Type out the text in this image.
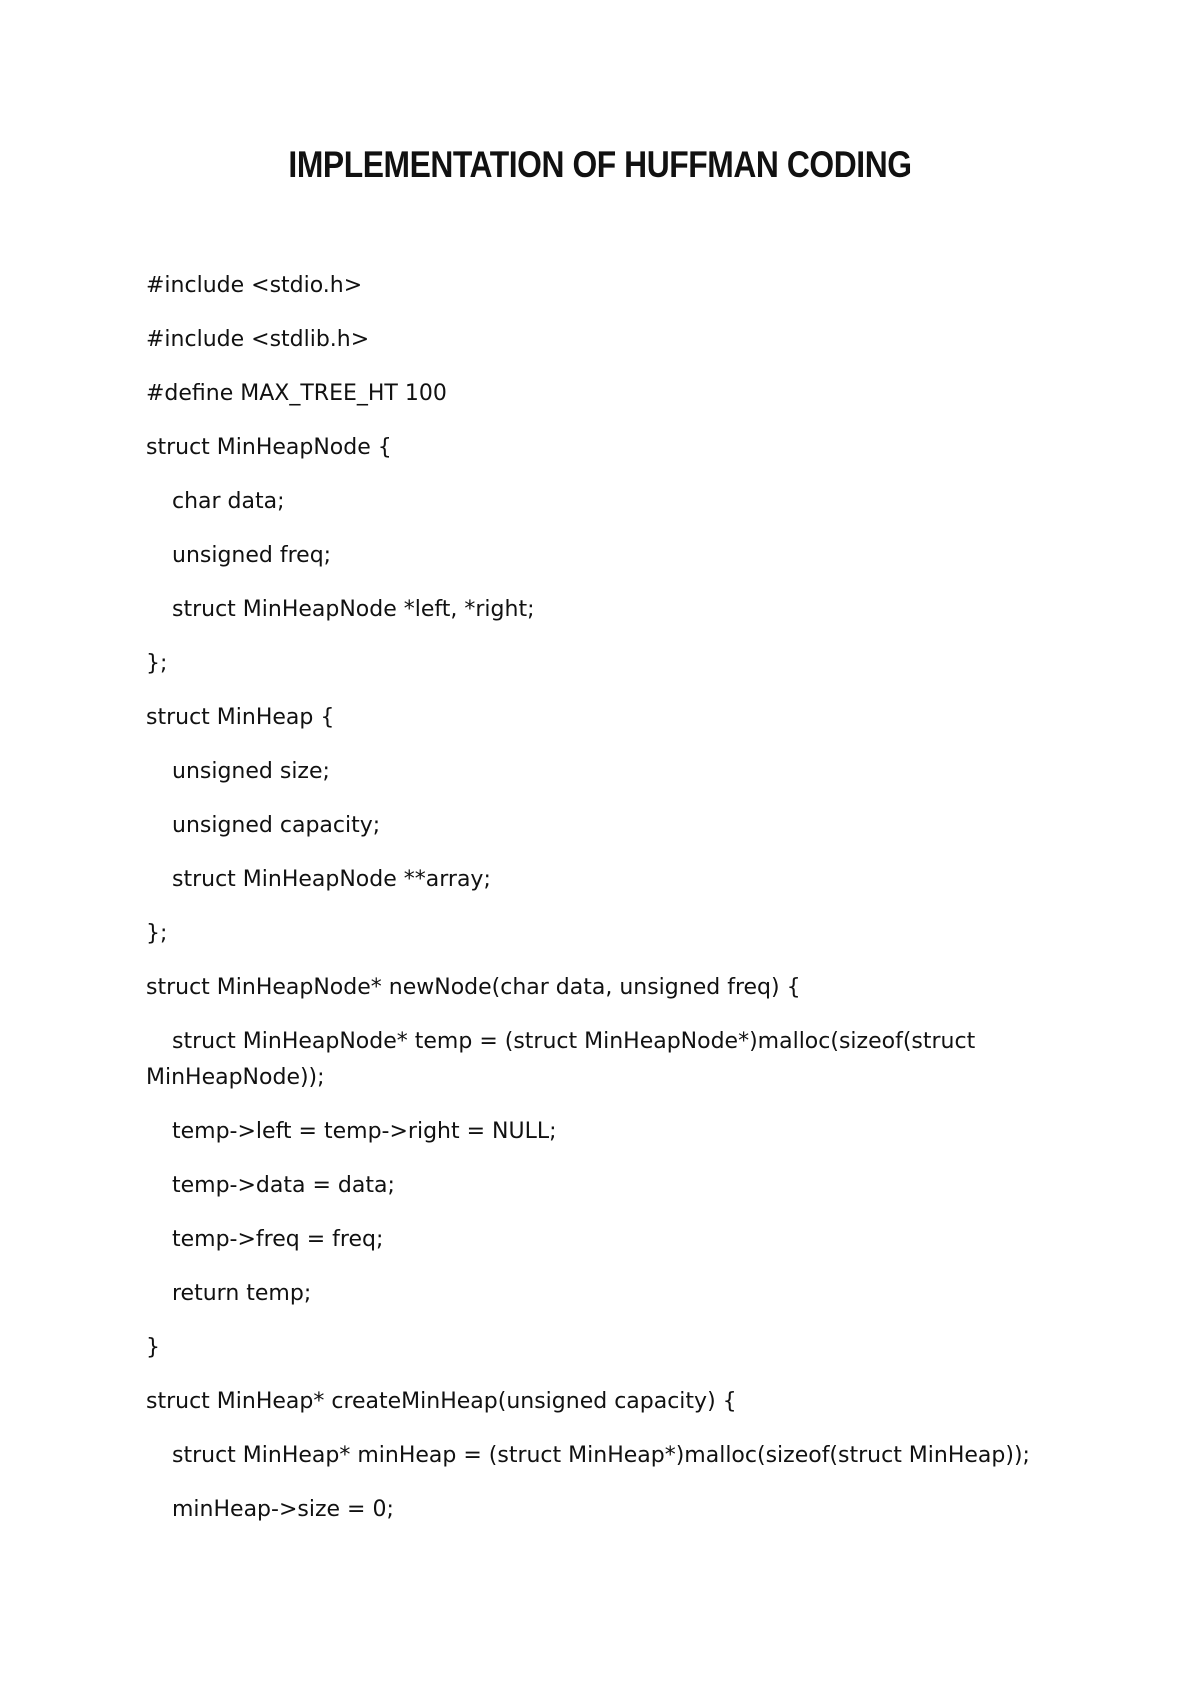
IMPLEMENTATION OF HUFFMAN CODING
#include <stdio.h>
#include <stdlib.h>
#define MAX_TREE_HT 100
struct MinHeapNode {
char data;
unsigned freq;
struct MinHeapNode *left, *right;
};
struct MinHeap {
unsigned size;
unsigned capacity;
struct MinHeapNode **array;
};
struct MinHeapNode* newNode(char data, unsigned freq) {
struct MinHeapNode* temp = (struct MinHeapNode*)malloc(sizeof(struct MinHeapNode));
temp->left = temp->right = NULL;
temp->data = data;
temp->freq = freq;
return temp;
}
struct MinHeap* createMinHeap(unsigned capacity) {
struct MinHeap* minHeap = (struct MinHeap*)malloc(sizeof(struct MinHeap));
minHeap->size = 0;
